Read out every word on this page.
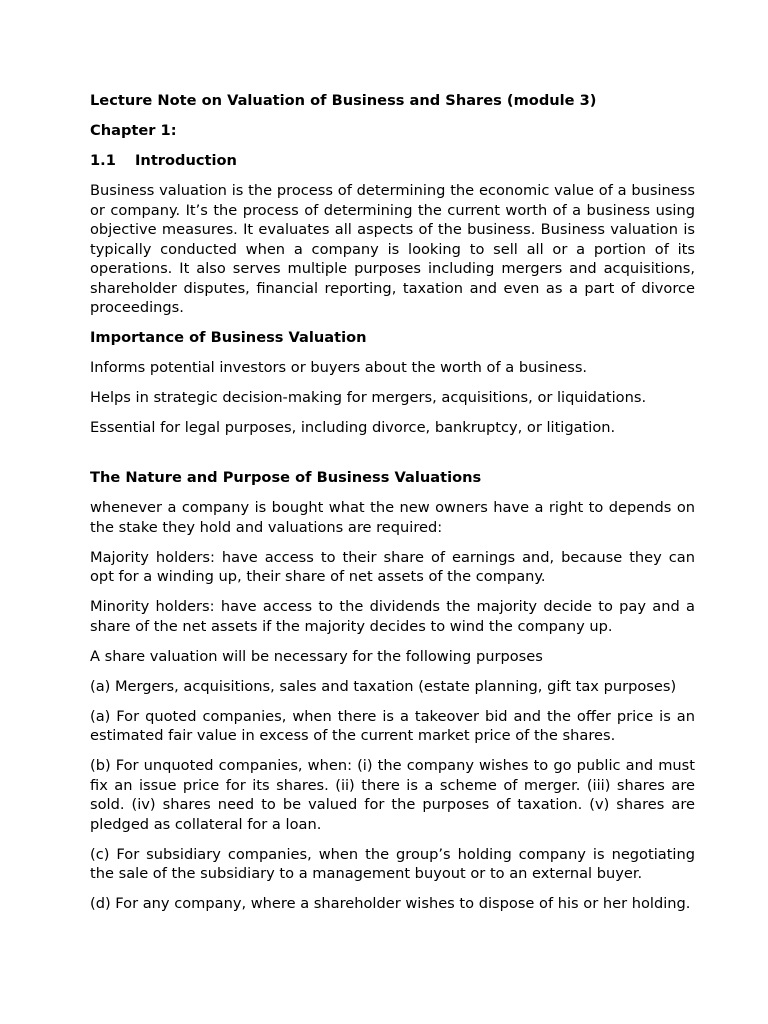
Lecture Note on Valuation of Business and Shares (module 3)

Chapter 1:

1.1 Introduction

Business valuation is the process of determining the economic value of a business or company. It’s the process of determining the current worth of a business using objective measures. It evaluates all aspects of the business. Business valuation is typically conducted when a company is looking to sell all or a portion of its operations. It also serves multiple purposes including mergers and acquisitions, shareholder disputes, financial reporting, taxation and even as a part of divorce proceedings.

Importance of Business Valuation

Informs potential investors or buyers about the worth of a business.

Helps in strategic decision-making for mergers, acquisitions, or liquidations.

Essential for legal purposes, including divorce, bankruptcy, or litigation.

The Nature and Purpose of Business Valuations

whenever a company is bought what the new owners have a right to depends on the stake they hold and valuations are required:

Majority holders: have access to their share of earnings and, because they can opt for a winding up, their share of net assets of the company.

Minority holders: have access to the dividends the majority decide to pay and a share of the net assets if the majority decides to wind the company up.

A share valuation will be necessary for the following purposes

(a) Mergers, acquisitions, sales and taxation (estate planning, gift tax purposes)

(a) For quoted companies, when there is a takeover bid and the offer price is an estimated fair value in excess of the current market price of the shares.

(b) For unquoted companies, when: (i) the company wishes to go public and must fix an issue price for its shares. (ii) there is a scheme of merger. (iii) shares are sold. (iv) shares need to be valued for the purposes of taxation. (v) shares are pledged as collateral for a loan.

(c) For subsidiary companies, when the group’s holding company is negotiating the sale of the subsidiary to a management buyout or to an external buyer.

(d) For any company, where a shareholder wishes to dispose of his or her holding.
